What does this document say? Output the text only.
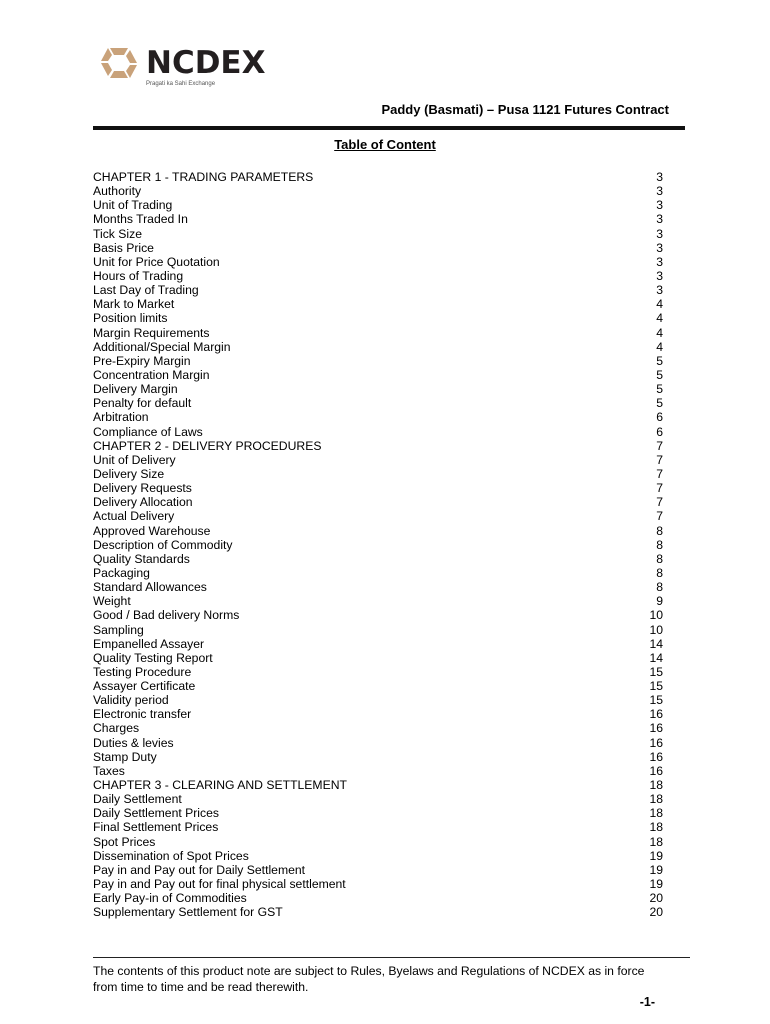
NCDEX
Pragati ka Sahi Exchange
Paddy (Basmati) – Pusa 1121 Futures Contract
Table of Content
CHAPTER 1 - TRADING PARAMETERS	3
Authority	3
Unit of Trading	3
Months Traded In	3
Tick Size	3
Basis Price	3
Unit for Price Quotation	3
Hours of Trading	3
Last Day of Trading	3
Mark to Market	4
Position limits	4
Margin Requirements	4
Additional/Special Margin	4
Pre-Expiry Margin	5
Concentration Margin	5
Delivery Margin	5
Penalty for default	5
Arbitration	6
Compliance of Laws	6
CHAPTER 2 - DELIVERY PROCEDURES	7
Unit of Delivery	7
Delivery Size	7
Delivery Requests	7
Delivery Allocation	7
Actual Delivery	7
Approved Warehouse	8
Description of Commodity	8
Quality Standards	8
Packaging	8
Standard Allowances	8
Weight	9
Good / Bad delivery Norms	10
Sampling	10
Empanelled Assayer	14
Quality Testing Report	14
Testing Procedure	15
Assayer Certificate	15
Validity period	15
Electronic transfer	16
Charges	16
Duties & levies	16
Stamp Duty	16
Taxes	16
CHAPTER 3 - CLEARING AND SETTLEMENT	18
Daily Settlement	18
Daily Settlement Prices	18
Final Settlement Prices	18
Spot Prices	18
Dissemination of Spot Prices	19
Pay in and Pay out for Daily Settlement	19
Pay in and Pay out for final physical settlement	19
Early Pay-in of Commodities	20
Supplementary Settlement for GST	20
The contents of this product note are subject to Rules, Byelaws and Regulations of NCDEX as in force from time to time and be read therewith.
-1-
